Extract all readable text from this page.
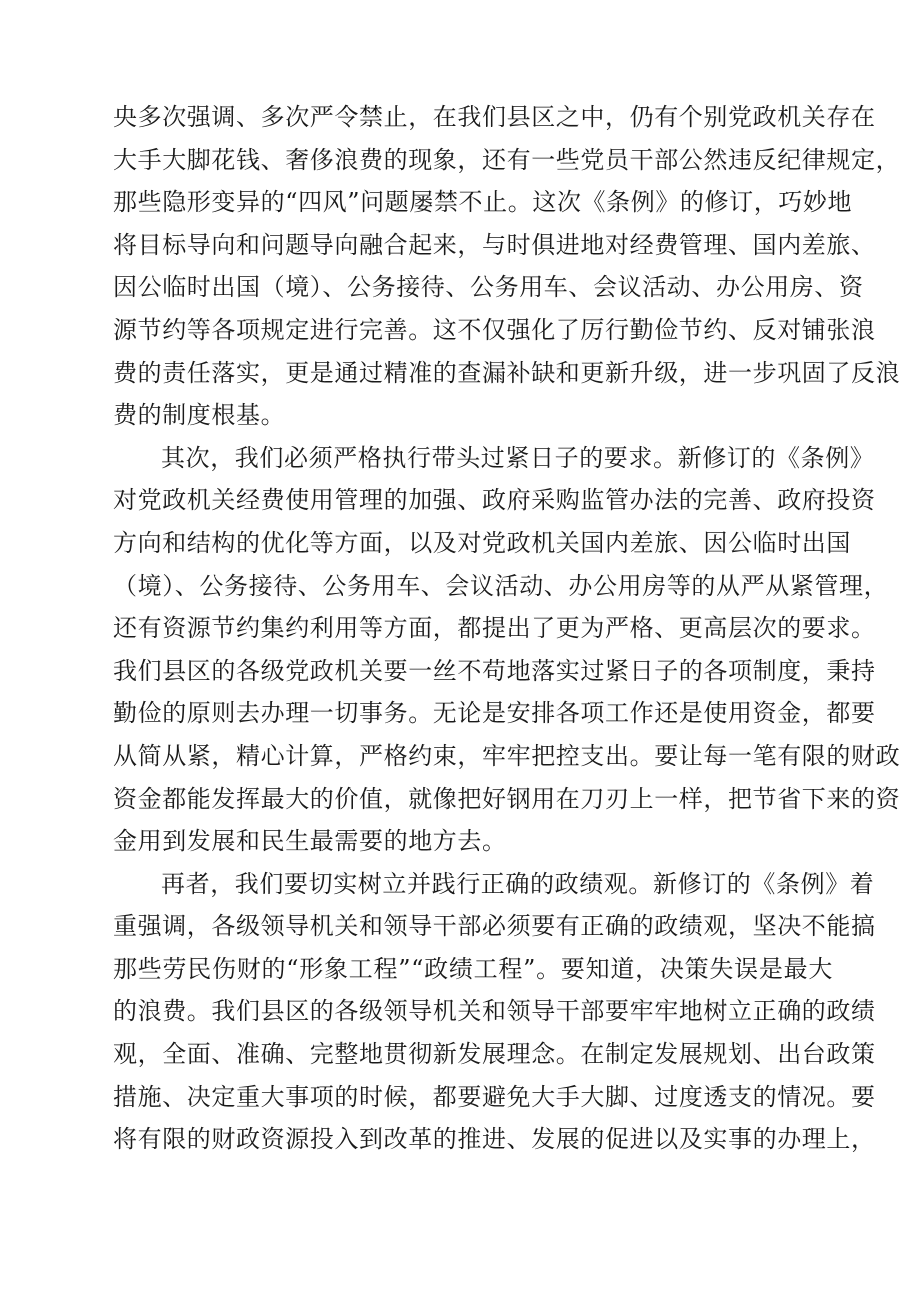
央多次强调、多次严令禁止，在我们县区之中，仍有个别党政机关存在
大手大脚花钱、奢侈浪费的现象，还有一些党员干部公然违反纪律规定，
那些隐形变异的“四风”问题屡禁不止。这次《条例》的修订，巧妙地
将目标导向和问题导向融合起来，与时俱进地对经费管理、国内差旅、
因公临时出国（境）、公务接待、公务用车、会议活动、办公用房、资
源节约等各项规定进行完善。这不仅强化了厉行勤俭节约、反对铺张浪
费的责任落实，更是通过精准的查漏补缺和更新升级，进一步巩固了反浪
费的制度根基。
其次，我们必须严格执行带头过紧日子的要求。新修订的《条例》
对党政机关经费使用管理的加强、政府采购监管办法的完善、政府投资
方向和结构的优化等方面，以及对党政机关国内差旅、因公临时出国
（境）、公务接待、公务用车、会议活动、办公用房等的从严从紧管理，
还有资源节约集约利用等方面，都提出了更为严格、更高层次的要求。
我们县区的各级党政机关要一丝不苟地落实过紧日子的各项制度，秉持
勤俭的原则去办理一切事务。无论是安排各项工作还是使用资金，都要
从简从紧，精心计算，严格约束，牢牢把控支出。要让每一笔有限的财政
资金都能发挥最大的价值，就像把好钢用在刀刃上一样，把节省下来的资
金用到发展和民生最需要的地方去。
再者，我们要切实树立并践行正确的政绩观。新修订的《条例》着
重强调，各级领导机关和领导干部必须要有正确的政绩观，坚决不能搞
那些劳民伤财的“形象工程”“政绩工程”。要知道，决策失误是最大
的浪费。我们县区的各级领导机关和领导干部要牢牢地树立正确的政绩
观，全面、准确、完整地贯彻新发展理念。在制定发展规划、出台政策
措施、决定重大事项的时候，都要避免大手大脚、过度透支的情况。要
将有限的财政资源投入到改革的推进、发展的促进以及实事的办理上，
